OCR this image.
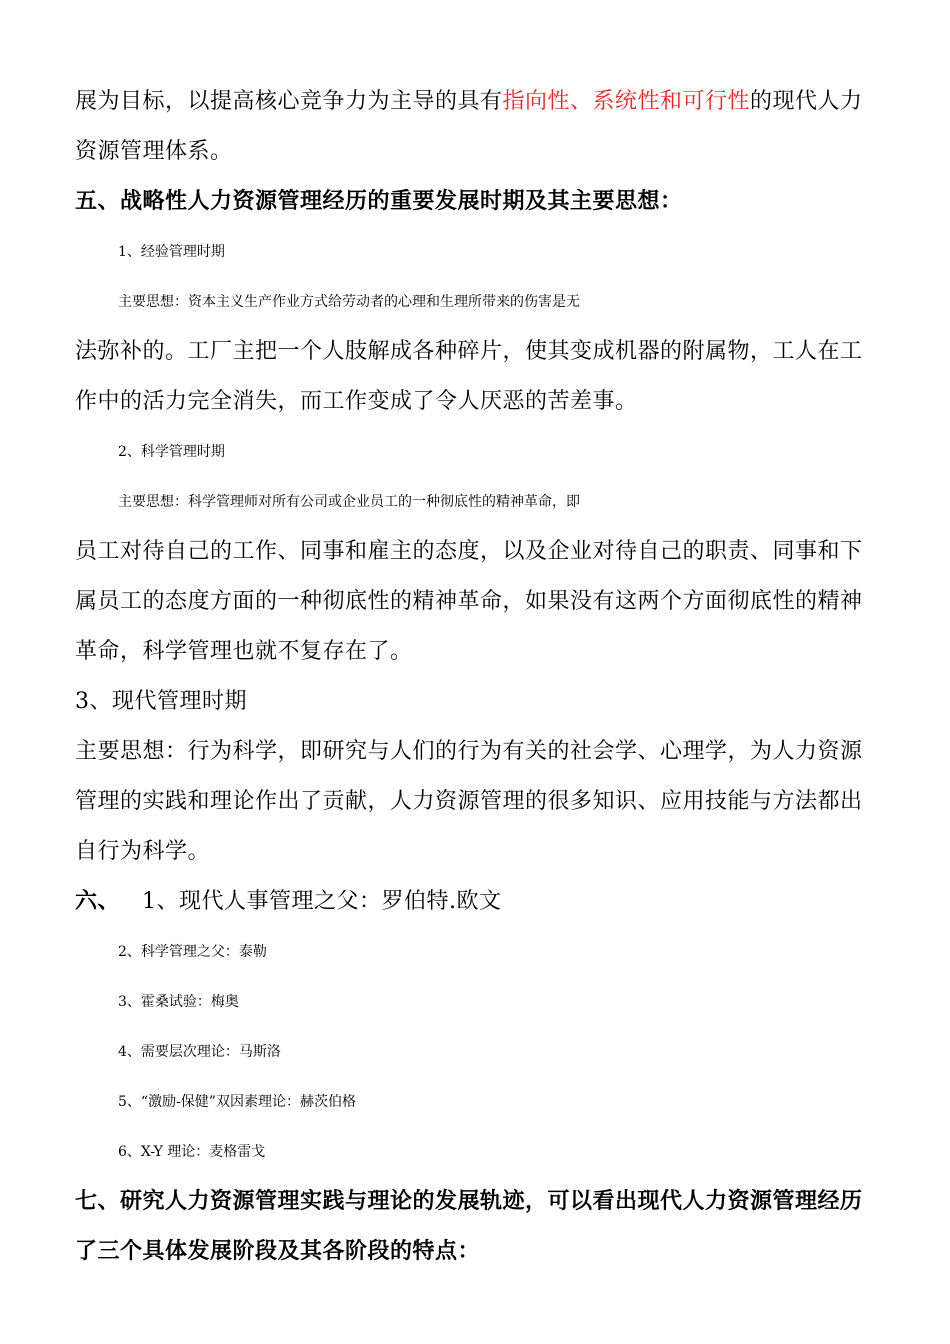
展为目标，以提高核心竞争力为主导的具有指向性、系统性和可行性的现代人力
资源管理体系。
五、战略性人力资源管理经历的重要发展时期及其主要思想：
1、经验管理时期
主要思想：资本主义生产作业方式给劳动者的心理和生理所带来的伤害是无
法弥补的。工厂主把一个人肢解成各种碎片，使其变成机器的附属物，工人在工
作中的活力完全消失，而工作变成了令人厌恶的苦差事。
2、科学管理时期
主要思想：科学管理师对所有公司或企业员工的一种彻底性的精神革命，即
员工对待自己的工作、同事和雇主的态度，以及企业对待自己的职责、同事和下
属员工的态度方面的一种彻底性的精神革命，如果没有这两个方面彻底性的精神
革命，科学管理也就不复存在了。
3、现代管理时期
主要思想：行为科学，即研究与人们的行为有关的社会学、心理学，为人力资源
管理的实践和理论作出了贡献，人力资源管理的很多知识、应用技能与方法都出
自行为科学。
六、 1、现代人事管理之父：罗伯特.欧文
2、科学管理之父：泰勒
3、霍桑试验：梅奥
4、需要层次理论：马斯洛
5、“激励-保健”双因素理论：赫茨伯格
6、X-Y 理论：麦格雷戈
七、研究人力资源管理实践与理论的发展轨迹，可以看出现代人力资源管理经历
了三个具体发展阶段及其各阶段的特点：
